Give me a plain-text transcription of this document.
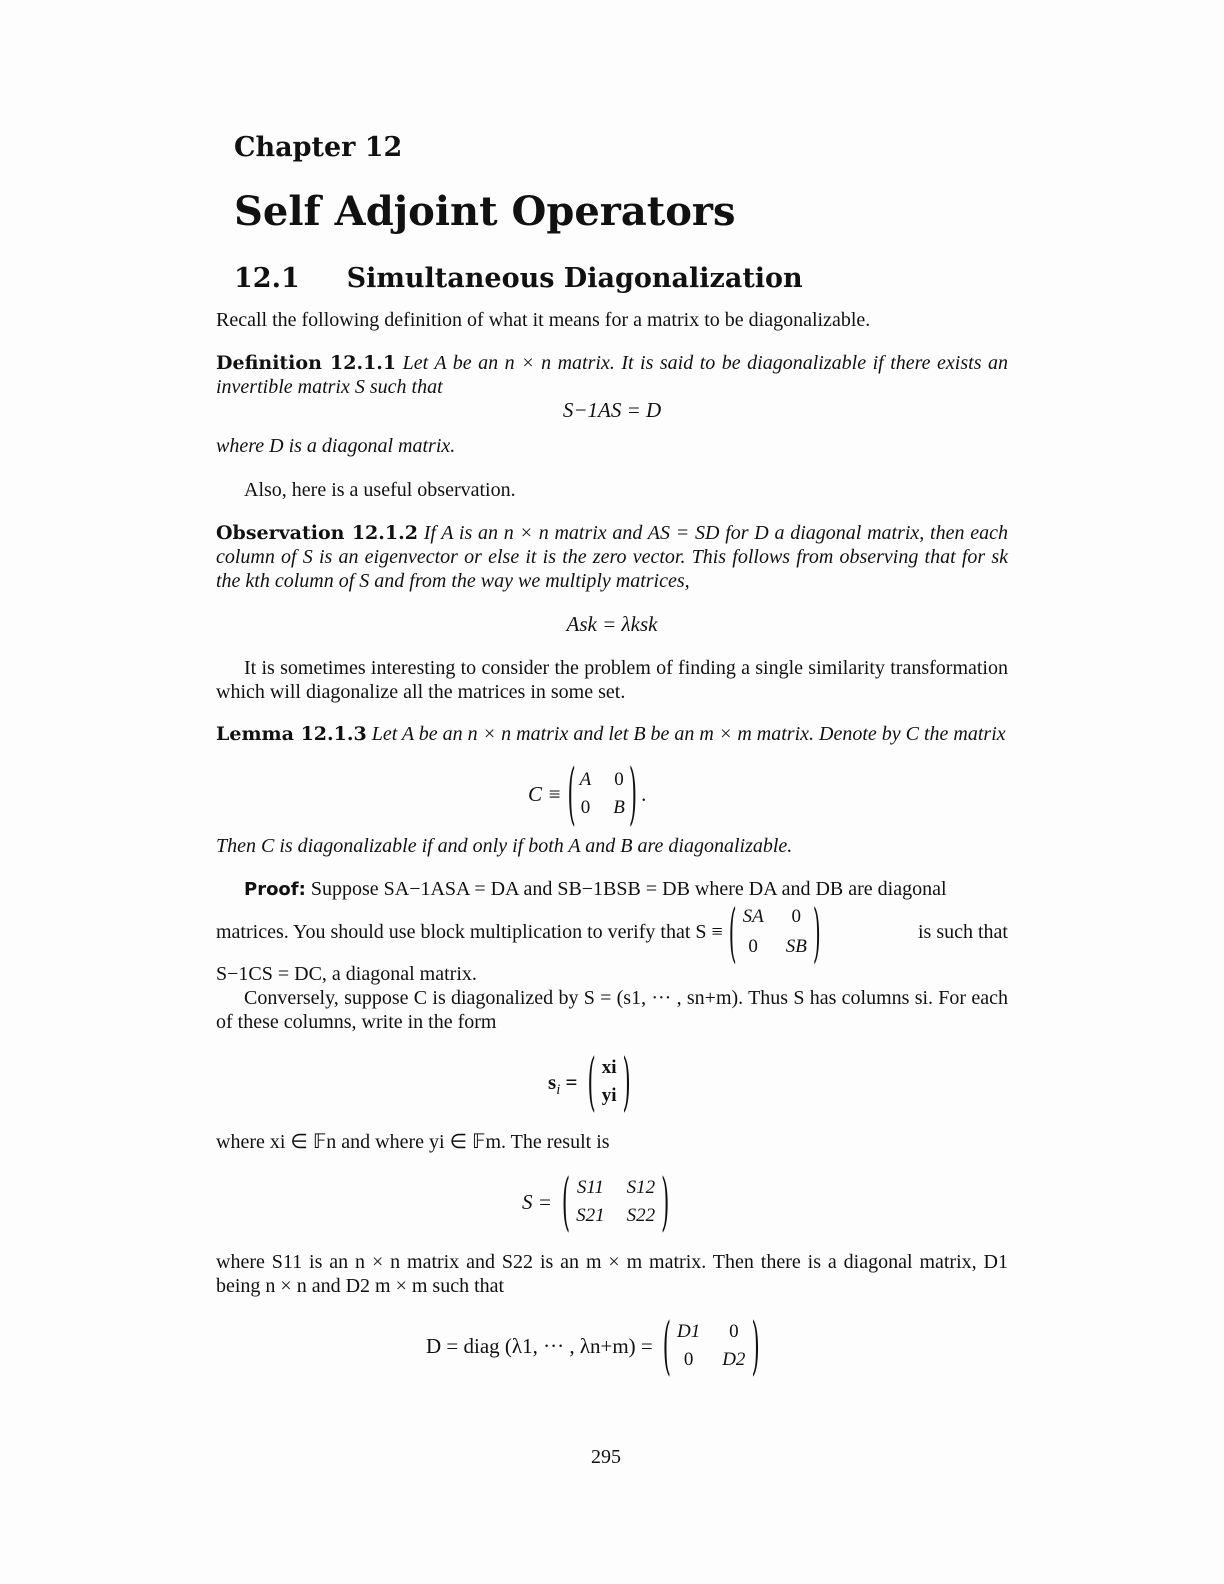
Chapter 12
Self Adjoint Operators
12.1 Simultaneous Diagonalization

Recall the following definition of what it means for a matrix to be diagonalizable.

Definition 12.1.1 Let A be an n × n matrix. It is said to be diagonalizable if there exists an invertible matrix S such that
S−1AS = D

where D is a diagonal matrix.

Also, here is a useful observation.

Observation 12.1.2 If A is an n × n matrix and AS = SD for D a diagonal matrix, then each column of S is an eigenvector or else it is the zero vector. This follows from observing that for sk the kth column of S and from the way we multiply matrices,
Ask = λksk

It is sometimes interesting to consider the problem of finding a single similarity transformation which will diagonalize all the matrices in some set.

Lemma 12.1.3 Let A be an n × n matrix and let B be an m × m matrix. Denote by C the matrix
C ≡ ( A 0
0 B ) .

Then C is diagonalizable if and only if both A and B are diagonalizable.

Proof: Suppose SA−1ASA = DA and SB−1BSB = DB where DA and DB are diagonal
matrices. You should use block multiplication to verify that S ≡ ( SA	0
0	SB )	is such that

S−1CS = DC, a diagonal matrix.

Conversely, suppose C is diagonalized by S = (s1, ··· , sn+m). Thus S has columns si. For each of these columns, write in the form

$s_i$ = ( xi
yi )

where xi ∈ 𝔽n and where yi ∈ 𝔽m. The result is

S = ( S11 S12
S21 S22 )

where S11 is an n × n matrix and S22 is an m × m matrix. Then there is a diagonal matrix, D1 being n × n and D2 m × m such that

D = diag (λ1, ··· , λn+m) = ( D1	0
0	D2 )
295
